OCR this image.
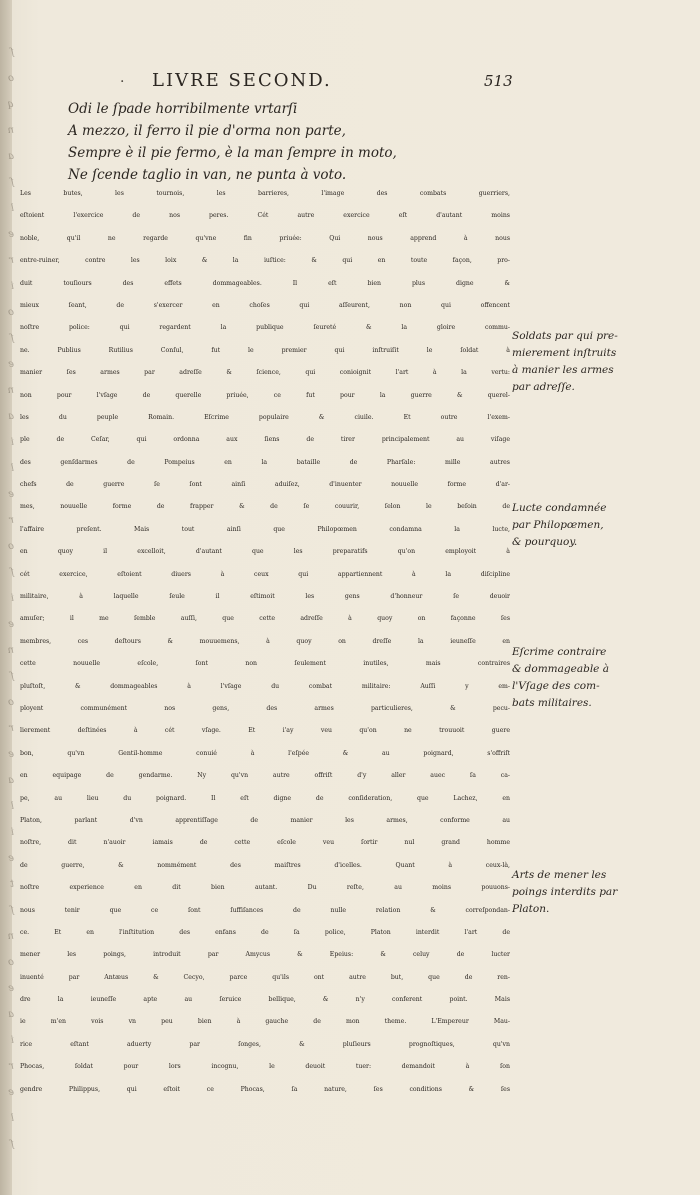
ſ
o
q
n
a
ſ
l
e
r
i
o
ſ
e
n
a
i
l
e
r
o
ſ
i
e
n
ſ
o
r
e
a
l
i
e
t
ſ
n
o
e
a
i
r
e
l
ſ
· LIVRE SECOND.	513
Odi le ſpade horribilmente vrtarſi
A mezzo, il ferro il pie d'orma non parte,
Sempre è il pie fermo, è la man ſempre in moto,
Ne ſcende taglio in van, ne punta à voto.
Les butes, les tournois, les barrieres, l'image des combats guerriers,
eſtoient l'exercice de nos peres. Cét autre exercice eſt d'autant moins
noble, qu'il ne regarde qu'vne fin priuée: Qui nous apprend à nous
entre-ruiner, contre les loix & la iuſtice: & qui en toute façon, pro-
duit touſiours des effets dommageables. Il eſt bien plus digne &
mieux ſeant, de s'exercer en choſes qui aſſeurent, non qui offencent
noſtre police: qui regardent la publique ſeureté & la gloire commu-
ne. Publius Rutilius Conſul, fut le premier qui inſtruiſit le ſoldat à
manier ſes armes par adreſſe & ſcience, qui conioignit l'art à la vertu:
non pour l'vſage de querelle priuée, ce fut pour la guerre & querel-
les du peuple Romain. Eſcrime populaire & ciuile. Et outre l'exem-
ple de Ceſar, qui ordonna aux ſiens de tirer principalement au viſage
des genſdarmes de Pompeius en la bataille de Pharſale: mille autres
chefs de guerre ſe ſont ainſi aduiſez, d'inuenter nouuelle forme d'ar-
mes, nouuelle forme de frapper & de ſe couurir, ſelon le beſoin de
l'affaire preſent. Mais tout ainſi que Philopœmen condamna la lucte,
en quoy il excelloit, d'autant que les preparatifs qu'on employoit à
cét exercice, eſtoient diuers à ceux qui appartiennent à la diſcipline
militaire, à laquelle ſeule il eſtimoit les gens d'honneur ſe deuoir
amuſer; il me ſemble auſſi, que cette adreſſe à quoy on façonne ſes
membres, ces deſtours & mouuemens, à quoy on dreſſe la ieuneſſe en
cette nouuelle eſcole, ſont non ſeulement inutiles, mais contraires
pluſtoſt, & dommageables à l'vſage du combat militaire: Auſſi y em-
ployent communément nos gens, des armes particulieres, & pecu-
lierement deſtinées à cét vſage. Et i'ay veu qu'on ne trouuoit guere
bon, qu'vn Gentil-homme conuié à l'eſpée & au poignard, s'offriſt
en equipage de gendarme. Ny qu'vn autre offriſt d'y aller auec ſa ca-
pe, au lieu du poignard. Il eſt digne de conſideration, que Lachez, en
Platon, parlant d'vn apprentiſſage de manier les armes, conforme au
noſtre, dit n'auoir iamais de cette eſcole veu ſortir nul grand homme
de guerre, & nommément des maiſtres d'icelles. Quant à ceux-là,
noſtre experience en dit bien autant. Du reſte, au moins pouuons-
nous tenir que ce ſont ſuffiſances de nulle relation & correſpondan-
ce. Et en l'inſtitution des enfans de ſa police, Platon interdit l'art de
mener les poings, introduit par Amycus & Epeius: & celuy de lucter
inuenté par Antæus & Cecyo, parce qu'ils ont autre but, que de ren-
dre la ieuneſſe apte au ſeruice bellique, & n'y conferent point. Mais
ie m'en vois vn peu bien à gauche de mon theme. L'Empereur Mau-
rice eſtant aduerty par ſonges, & pluſieurs prognoſtiques, qu'vn
Phocas, ſoldat pour lors incognu, le deuoit tuer: demandoit à ſon
gendre Philippus, qui eſtoit ce Phocas, ſa nature, ſes conditions & ſes
Soldats par qui pre-
mierement inſtruits
à manier les armes
par adreſſe.
Lucte condamnée
par Philopœmen,
& pourquoy.
Eſcrime contraire
& dommageable à
l'Vſage des com-
bats militaires.
Arts de mener les
poings interdits par
Platon.
